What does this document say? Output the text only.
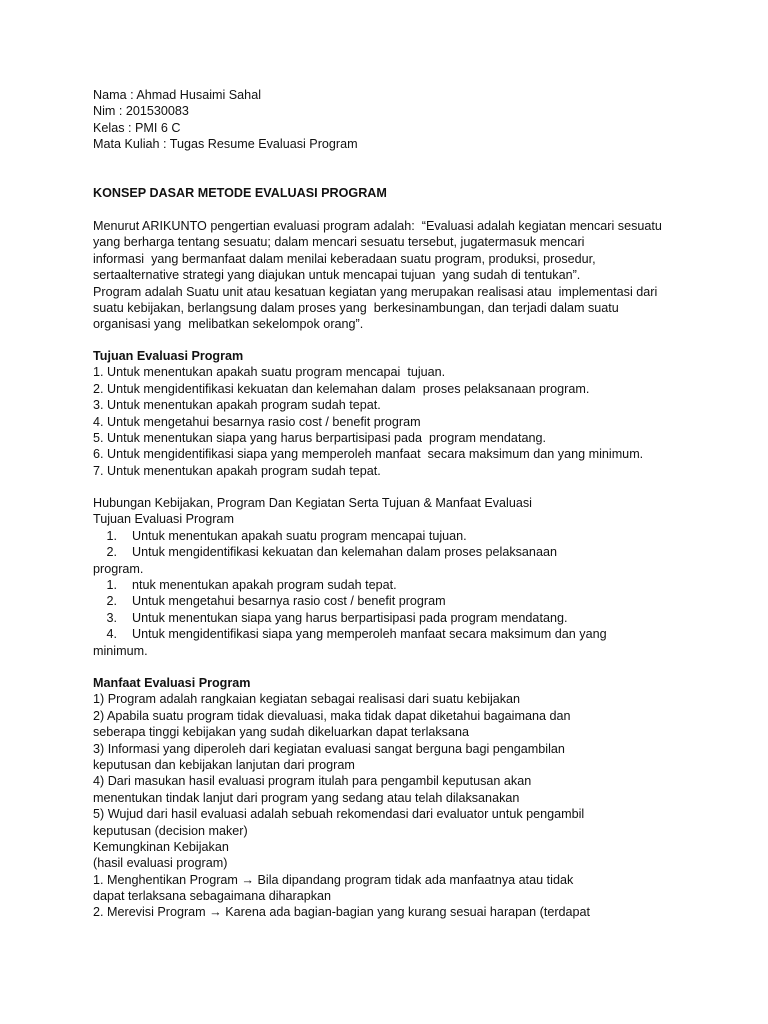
Nama : Ahmad Husaimi Sahal
Nim : 201530083
Kelas : PMI 6 C
Mata Kuliah : Tugas Resume Evaluasi Program
KONSEP DASAR METODE EVALUASI PROGRAM
Menurut ARIKUNTO pengertian evaluasi program adalah:  “Evaluasi adalah kegiatan mencari sesuatu
yang berharga tentang sesuatu; dalam mencari sesuatu tersebut, jugatermasuk mencari
informasi  yang bermanfaat dalam menilai keberadaan suatu program, produksi, prosedur,
sertaalternative strategi yang diajukan untuk mencapai tujuan  yang sudah di tentukan”.
Program adalah Suatu unit atau kesatuan kegiatan yang merupakan realisasi atau  implementasi dari
suatu kebijakan, berlangsung dalam proses yang  berkesinambungan, dan terjadi dalam suatu
organisasi yang  melibatkan sekelompok orang”.
Tujuan Evaluasi Program
1. Untuk menentukan apakah suatu program mencapai  tujuan.
2. Untuk mengidentifikasi kekuatan dan kelemahan dalam  proses pelaksanaan program.
3. Untuk menentukan apakah program sudah tepat.
4. Untuk mengetahui besarnya rasio cost / benefit program
5. Untuk menentukan siapa yang harus berpartisipasi pada  program mendatang.
6. Untuk mengidentifikasi siapa yang memperoleh manfaat  secara maksimum dan yang minimum.
7. Untuk menentukan apakah program sudah tepat.
Hubungan Kebijakan, Program Dan Kegiatan Serta Tujuan & Manfaat Evaluasi
Tujuan Evaluasi Program
1. Untuk menentukan apakah suatu program mencapai tujuan.
2. Untuk mengidentifikasi kekuatan dan kelemahan dalam proses pelaksanaan
program.
1. ntuk menentukan apakah program sudah tepat.
2. Untuk mengetahui besarnya rasio cost / benefit program
3. Untuk menentukan siapa yang harus berpartisipasi pada program mendatang.
4. Untuk mengidentifikasi siapa yang memperoleh manfaat secara maksimum dan yang
minimum.
Manfaat Evaluasi Program
1) Program adalah rangkaian kegiatan sebagai realisasi dari suatu kebijakan
2) Apabila suatu program tidak dievaluasi, maka tidak dapat diketahui bagaimana dan
seberapa tinggi kebijakan yang sudah dikeluarkan dapat terlaksana
3) Informasi yang diperoleh dari kegiatan evaluasi sangat berguna bagi pengambilan
keputusan dan kebijakan lanjutan dari program
4) Dari masukan hasil evaluasi program itulah para pengambil keputusan akan
menentukan tindak lanjut dari program yang sedang atau telah dilaksanakan
5) Wujud dari hasil evaluasi adalah sebuah rekomendasi dari evaluator untuk pengambil
keputusan (decision maker)
Kemungkinan Kebijakan
(hasil evaluasi program)
1. Menghentikan Program → Bila dipandang program tidak ada manfaatnya atau tidak
dapat terlaksana sebagaimana diharapkan
2. Merevisi Program → Karena ada bagian-bagian yang kurang sesuai harapan (terdapat
